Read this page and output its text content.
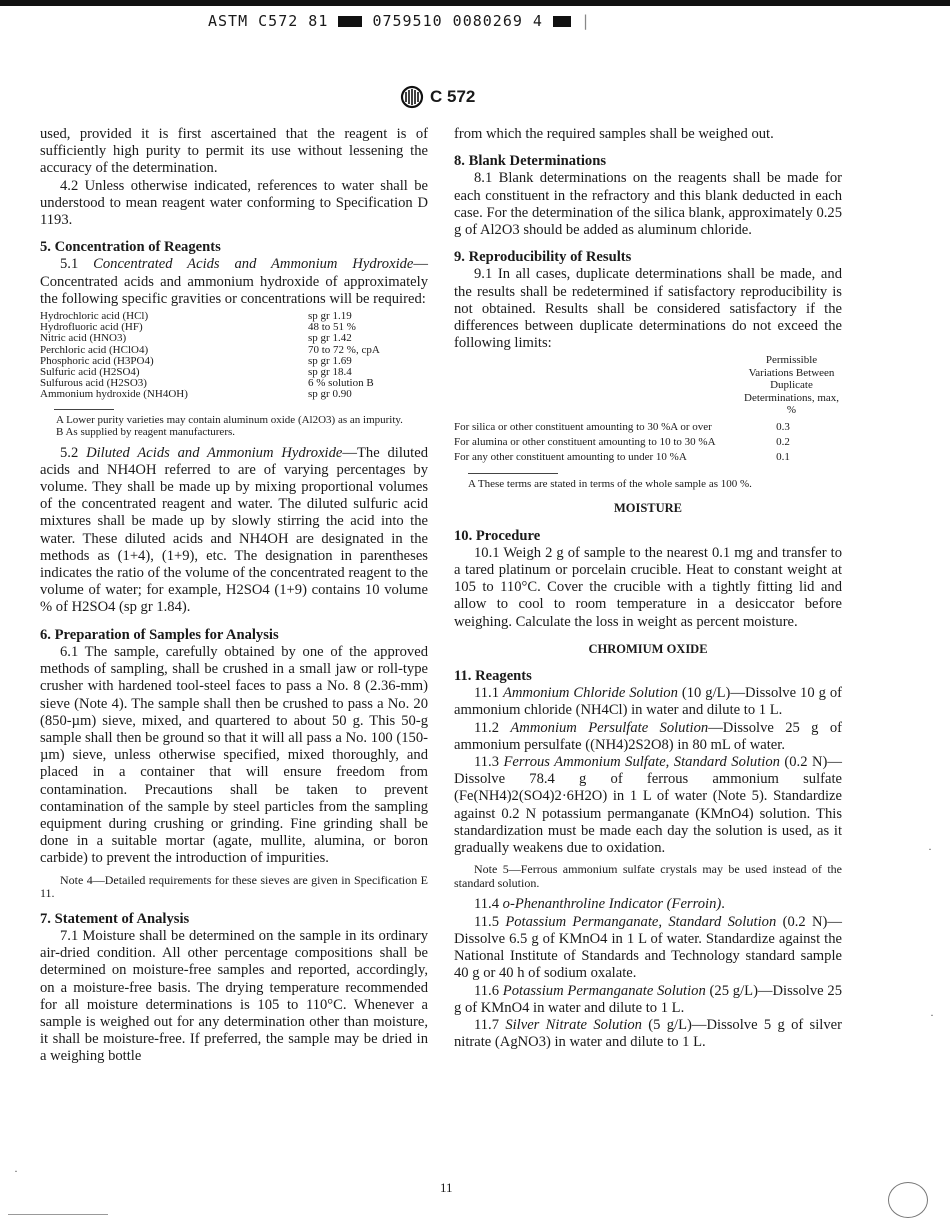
ASTM C572 81	0759510 0080269 4	|
C 572

used, provided it is first ascertained that the reagent is of sufficiently high purity to permit its use without lessening the accuracy of the determination.

4.2 Unless otherwise indicated, references to water shall be understood to mean reagent water conforming to Specification D 1193.

5. Concentration of Reagents

5.1 Concentrated Acids and Ammonium Hydroxide—Concentrated acids and ammonium hydroxide of approximately the following specific gravities or concentrations will be required:

Hydrochloric acid (HCl)	sp gr 1.19
Hydrofluoric acid (HF)	48 to 51 %
Nitric acid (HNO3)	sp gr 1.42
Perchloric acid (HClO4)	70 to 72 %, cpA
Phosphoric acid (H3PO4)	sp gr 1.69
Sulfuric acid (H2SO4)	sp gr 18.4
Sulfurous acid (H2SO3)	6 % solution B
Ammonium hydroxide (NH4OH)	sp gr 0.90

A Lower purity varieties may contain aluminum oxide (Al2O3) as an impurity.

B As supplied by reagent manufacturers.

5.2 Diluted Acids and Ammonium Hydroxide—The diluted acids and NH4OH referred to are of varying percentages by volume. They shall be made up by mixing proportional volumes of the concentrated reagent and water. The diluted sulfuric acid mixtures shall be made up by slowly stirring the acid into the water. These diluted acids and NH4OH are designated in the methods as (1+4), (1+9), etc. The designation in parentheses indicates the ratio of the volume of the concentrated reagent to the volume of water; for example, H2SO4 (1+9) contains 10 volume % of H2SO4 (sp gr 1.84).

6. Preparation of Samples for Analysis

6.1 The sample, carefully obtained by one of the approved methods of sampling, shall be crushed in a small jaw or roll-type crusher with hardened tool-steel faces to pass a No. 8 (2.36-mm) sieve (Note 4). The sample shall then be crushed to pass a No. 20 (850-µm) sieve, mixed, and quartered to about 50 g. This 50-g sample shall then be ground so that it will all pass a No. 100 (150-µm) sieve, unless otherwise specified, mixed thoroughly, and placed in a container that will ensure freedom from contamination. Precautions shall be taken to prevent contamination of the sample by steel particles from the sampling equipment during crushing or grinding. Fine grinding shall be done in a suitable mortar (agate, mullite, alumina, or boron carbide) to prevent the introduction of impurities.

Note 4—Detailed requirements for these sieves are given in Specification E 11.

7. Statement of Analysis

7.1 Moisture shall be determined on the sample in its ordinary air-dried condition. All other percentage compositions shall be determined on moisture-free samples and reported, accordingly, on a moisture-free basis. The drying temperature recommended for all moisture determinations is 105 to 110°C. Whenever a sample is weighed out for any determination other than moisture, it shall be moisture-free. If preferred, the sample may be dried in a weighing bottle

from which the required samples shall be weighed out.

8. Blank Determinations

8.1 Blank determinations on the reagents shall be made for each constituent in the refractory and this blank deducted in each case. For the determination of the silica blank, approximately 0.25 g of Al2O3 should be added as aluminum chloride.

9. Reproducibility of Results

9.1 In all cases, duplicate determinations shall be made, and the results shall be redetermined if satisfactory reproducibility is not obtained. Results shall be considered satisfactory if the differences between duplicate determinations do not exceed the following limits:

Permissible Variations Between Duplicate Determinations, max, %
For silica or other constituent amounting to 30 %A or over	0.3
For alumina or other constituent amounting to 10 to 30 %A	0.2
For any other constituent amounting to under 10 %A	0.1

A These terms are stated in terms of the whole sample as 100 %.

MOISTURE
10. Procedure

10.1 Weigh 2 g of sample to the nearest 0.1 mg and transfer to a tared platinum or porcelain crucible. Heat to constant weight at 105 to 110°C. Cover the crucible with a tightly fitting lid and allow to cool to room temperature in a desiccator before weighing. Calculate the loss in weight as percent moisture.

CHROMIUM OXIDE
11. Reagents

11.1 Ammonium Chloride Solution (10 g/L)—Dissolve 10 g of ammonium chloride (NH4Cl) in water and dilute to 1 L.

11.2 Ammonium Persulfate Solution—Dissolve 25 g of ammonium persulfate ((NH4)2S2O8) in 80 mL of water.

11.3 Ferrous Ammonium Sulfate, Standard Solution (0.2 N)—Dissolve 78.4 g of ferrous ammonium sulfate (Fe(NH4)2(SO4)2·6H2O) in 1 L of water (Note 5). Standardize against 0.2 N potassium permanganate (KMnO4) solution. This standardization must be made each day the solution is used, as it gradually weakens due to oxidation.

Note 5—Ferrous ammonium sulfate crystals may be used instead of the standard solution.

11.4 o-Phenanthroline Indicator (Ferroin).

11.5 Potassium Permanganate, Standard Solution (0.2 N)—Dissolve 6.5 g of KMnO4 in 1 L of water. Standardize against the National Institute of Standards and Technology standard sample 40 g or 40 h of sodium oxalate.

11.6 Potassium Permanganate Solution (25 g/L)—Dissolve 25 g of KMnO4 in water and dilute to 1 L.

11.7 Silver Nitrate Solution (5 g/L)—Dissolve 5 g of silver nitrate (AgNO3) in water and dilute to 1 L.

·
·
·
11
